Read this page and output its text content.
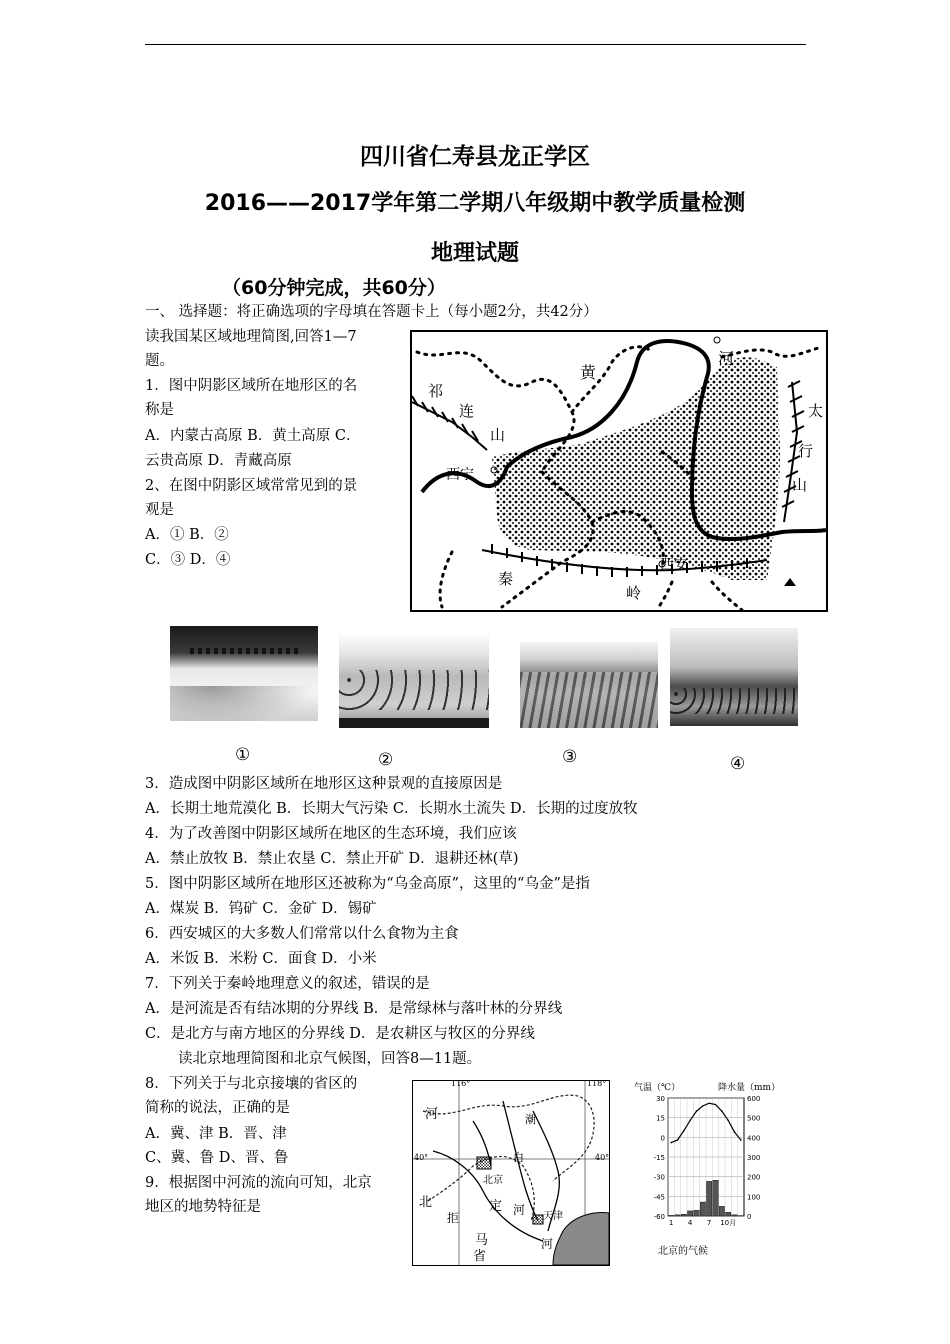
四川省仁寿县龙正学区
2016——2017学年第二学期八年级期中教学质量检测
地理试题
（60分钟完成，共60分）
一、 选择题：将正确选项的字母填在答题卡上（每小题2分，共42分）
读我国某区域地理简图,回答1—7
题。
1．图中阴影区域所在地形区的名
称是
A．内蒙古高原 B．黄土高原 C．
云贵高原 D．青藏高原
2、在图中阴影区域常常见到的景
观是
A．① B．②
C．③ D．④
祁
连
山
黄
河
太
行
山
西宁
西安
秦
岭
①	②	③	④
3．造成图中阴影区域所在地形区这种景观的直接原因是
A．长期土地荒漠化 B．长期大气污染 C．长期水土流失 D．长期的过度放牧
4．为了改善图中阴影区域所在地区的生态环境，我们应该
A．禁止放牧 B．禁止农垦 C．禁止开矿 D．退耕还林(草)
5．图中阴影区域所在地形区还被称为“乌金高原”，这里的“乌金”是指
A．煤炭 B．钨矿 C．金矿 D．锡矿
6．西安城区的大多数人们常常以什么食物为主食
A．米饭 B．米粉 C．面食 D．小米
7．下列关于秦岭地理意义的叙述，错误的是
A．是河流是否有结冰期的分界线 B．是常绿林与落叶林的分界线
C．是北方与南方地区的分界线 D．是农耕区与牧区的分界线
读北京地理简图和北京气候图，回答8—11题。
8．下列关于与北京接壤的省区的
简称的说法，正确的是
A．冀、津 B．晋、津
C、冀、鲁 D、晋、鲁
9．根据图中河流的流向可知，北京
地区的地势特征是
116°	118°
40°	40°
河
北
北京
定 河 天津
马
省
河
潮
白
拒
气温（℃）	降水量（mm）
30
15
0
-15
-30
-45
-60
600
500
400
300
200
100
0
1 4 7 10月
北京的气候
